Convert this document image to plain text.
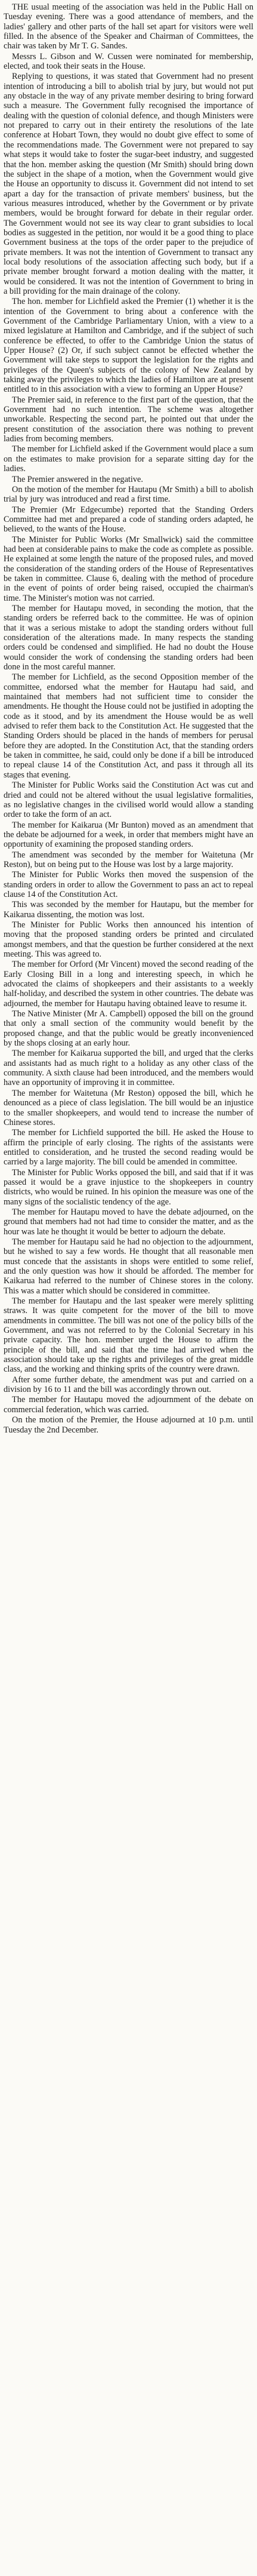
THE usual meeting of the association was held in the Public Hall on Tuesday evening. There was a good attendance of members, and the ladies' gallery and other parts of the hall set apart for visitors were well filled. In the absence of the Speaker and Chairman of Committees, the chair was taken by Mr T. G. Sandes.

Messrs L. Gibson and W. Cussen were nominated for membership, elected, and took their seats in the House.

Replying to questions, it was stated that Government had no present intention of introducing a bill to abolish trial by jury, but would not put any obstacle in the way of any private member desiring to bring forward such a measure. The Government fully recognised the importance of dealing with the question of colonial defence, and though Ministers were not prepared to carry out in their entirety the resolutions of the late conference at Hobart Town, they would no doubt give effect to some of the recommendations made. The Government were not prepared to say what steps it would take to foster the sugar-beet industry, and suggested that the hon. member asking the question (Mr Smith) should bring down the subject in the shape of a motion, when the Government would give the House an opportunity to discuss it. Government did not intend to set apart a day for the transaction of private members' business, but the various measures introduced, whether by the Government or by private members, would be brought forward for debate in their regular order. The Government would not see its way clear to grant subsidies to local bodies as suggested in the petition, nor would it be a good thing to place Government business at the tops of the order paper to the prejudice of private members. It was not the intention of Government to transact any local body resolutions of the association affecting such body, but if a private member brought forward a motion dealing with the matter, it would be considered. It was not the intention of Government to bring in a bill providing for the main drainage of the colony.

The hon. member for Lichfield asked the Premier (1) whether it is the intention of the Government to bring about a conference with the Government of the Cambridge Parliamentary Union, with a view to a mixed legislature at Hamilton and Cambridge, and if the subject of such conference be effected, to offer to the Cambridge Union the status of Upper House? (2) Or, if such subject cannot be effected whether the Government will take steps to support the legislation for the rights and privileges of the Queen's subjects of the colony of New Zealand by taking away the privileges to which the ladies of Hamilton are at present entitled to in this association with a view to forming an Upper House?

The Premier said, in reference to the first part of the question, that the Government had no such intention. The scheme was altogether unworkable. Respecting the second part, he pointed out that under the present constitution of the association there was nothing to prevent ladies from becoming members.

The member for Lichfield asked if the Government would place a sum on the estimates to make provision for a separate sitting day for the ladies.

The Premier answered in the negative.

On the motion of the member for Hautapu (Mr Smith) a bill to abolish trial by jury was introduced and read a first time.

The Premier (Mr Edgecumbe) reported that the Standing Orders Committee had met and prepared a code of standing orders adapted, he believed, to the wants of the House.

The Minister for Public Works (Mr Smallwick) said the committee had been at considerable pains to make the code as complete as possible. He explained at some length the nature of the proposed rules, and moved the consideration of the standing orders of the House of Representatives be taken in committee. Clause 6, dealing with the method of procedure in the event of points of order being raised, occupied the chairman's time. The Minister's motion was not carried.

The member for Hautapu moved, in seconding the motion, that the standing orders be referred back to the committee. He was of opinion that it was a serious mistake to adopt the standing orders without full consideration of the alterations made. In many respects the standing orders could be condensed and simplified. He had no doubt the House would consider the work of condensing the standing orders had been done in the most careful manner.

The member for Lichfield, as the second Opposition member of the committee, endorsed what the member for Hautapu had said, and maintained that members had not sufficient time to consider the amendments. He thought the House could not be justified in adopting the code as it stood, and by its amendment the House would be as well advised to refer them back to the Constitution Act. He suggested that the Standing Orders should be placed in the hands of members for perusal before they are adopted. In the Constitution Act, that the standing orders be taken in committee, he said, could only be done if a bill be introduced to repeal clause 14 of the Constitution Act, and pass it through all its stages that evening.

The Minister for Public Works said the Constitution Act was cut and dried and could not be altered without the usual legislative formalities, as no legislative changes in the civilised world would allow a standing order to take the form of an act.

The member for Kaikarua (Mr Bunton) moved as an amendment that the debate be adjourned for a week, in order that members might have an opportunity of examining the proposed standing orders.

The amendment was seconded by the member for Waitetuna (Mr Reston), but on being put to the House was lost by a large majority.

The Minister for Public Works then moved the suspension of the standing orders in order to allow the Government to pass an act to repeal clause 14 of the Constitution Act.

This was seconded by the member for Hautapu, but the member for Kaikarua dissenting, the motion was lost.

The Minister for Public Works then announced his intention of moving that the proposed standing orders be printed and circulated amongst members, and that the question be further considered at the next meeting. This was agreed to.

The member for Orford (Mr Vincent) moved the second reading of the Early Closing Bill in a long and interesting speech, in which he advocated the claims of shopkeepers and their assistants to a weekly half-holiday, and described the system in other countries. The debate was adjourned, the member for Hautapu having obtained leave to resume it.

The Native Minister (Mr A. Campbell) opposed the bill on the ground that only a small section of the community would benefit by the proposed change, and that the public would be greatly inconvenienced by the shops closing at an early hour.

The member for Kaikarua supported the bill, and urged that the clerks and assistants had as much right to a holiday as any other class of the community. A sixth clause had been introduced, and the members would have an opportunity of improving it in committee.

The member for Waitetuna (Mr Reston) opposed the bill, which he denounced as a piece of class legislation. The bill would be an injustice to the smaller shopkeepers, and would tend to increase the number of Chinese stores.

The member for Lichfield supported the bill. He asked the House to affirm the principle of early closing. The rights of the assistants were entitled to consideration, and he trusted the second reading would be carried by a large majority. The bill could be amended in committee.

The Minister for Public Works opposed the bill, and said that if it was passed it would be a grave injustice to the shopkeepers in country districts, who would be ruined. In his opinion the measure was one of the many signs of the socialistic tendency of the age.

The member for Hautapu moved to have the debate adjourned, on the ground that members had not had time to consider the matter, and as the hour was late he thought it would be better to adjourn the debate.

The member for Hautapu said he had no objection to the adjournment, but he wished to say a few words. He thought that all reasonable men must concede that the assistants in shops were entitled to some relief, and the only question was how it should be afforded. The member for Kaikarua had referred to the number of Chinese stores in the colony. This was a matter which should be considered in committee.

The member for Hautapu and the last speaker were merely splitting straws. It was quite competent for the mover of the bill to move amendments in committee. The bill was not one of the policy bills of the Government, and was not referred to by the Colonial Secretary in his private capacity. The hon. member urged the House to affirm the principle of the bill, and said that the time had arrived when the association should take up the rights and privileges of the great middle class, and the working and thinking sprits of the country were drawn.

After some further debate, the amendment was put and carried on a division by 16 to 11 and the bill was accordingly thrown out.

The member for Hautapu moved the adjournment of the debate on commercial federation, which was carried.

On the motion of the Premier, the House adjourned at 10 p.m. until Tuesday the 2nd December.
